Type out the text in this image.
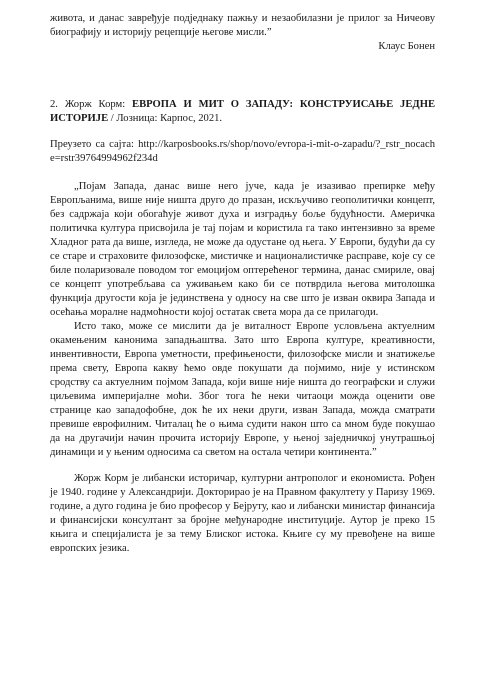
живота, и данас заврeђује подједнаку пажњу и незаобилазни је прилог за Ничеову биографију и историју рецепције његове мисли.”

Клаус Бонен

2. Жорж Корм: ЕВРОПА И МИТ О ЗАПАДУ: КОНСТРУИСАЊЕ ЈЕДНЕ ИСТОРИЈЕ / Лозница: Карпос, 2021.

Преузето са сајта: http://karposbooks.rs/shop/novo/evropa-i-mit-o-zapadu/?_rstr_nocache=rstr39764994962f234d

„Појам Запада, данас више него јуче, када је изазивао препирке међу Европљанима, више није ништа друго до празан, искључиво геополитички концепт, без садржаја који обогаћује живот духа и изградњу боље будућности. Америчка политичка култура присвојила је тај појам и користила га тако интензивно за време Хладног рата да више, изгледа, не може да одустане од њега. У Европи, будући да су се старе и страховите филозофске, мистичке и националистичке расправе, које су се биле поларизовале поводом тог емоцијом оптерећеног термина, данас смириле, овај се концепт употребљава са уживањем како би се потврдила његова митолошка функција другости која је јединствена у односу на све што је изван оквира Запада и осећања моралне надмоћности којој остатак света мора да се прилагоди.

Исто тако, може се мислити да је виталност Европе условљена актуелним окамењеним канонима западњаштва. Зато што Европа културе, креативности, инвентивности, Европа уметности, префињености, филозофске мисли и знатижеље према свету, Европа какву ћемо овде покушати да појмимо, није у истинском сродству са актуелним појмом Запада, који више није ништа до географски и служи циљевима империјалне моћи. Због тога ће неки читаоци можда оценити ове странице као западофобне, док ће их неки други, изван Запада, можда сматрати превише еврофилним. Читалац ће о њима судити након што са мном буде покушао да на другачији начин прочита историју Европе, у њеној заједничкој унутрашњој динамици и у њеним односима са светом на остала четири континента.”

Жорж Корм је либански историчар, културни антрополог и економиста. Рођен је 1940. године у Александрији. Докторирао је на Правном факултету у Паризу 1969. године, а дуго година је био професор у Бејруту, као и либански министар финансија и финансијски консултант за бројне међународне институције. Аутор је преко 15 књига и специјалиста је за тему Блиског истока. Књиге су му превођене на више европских језика.
